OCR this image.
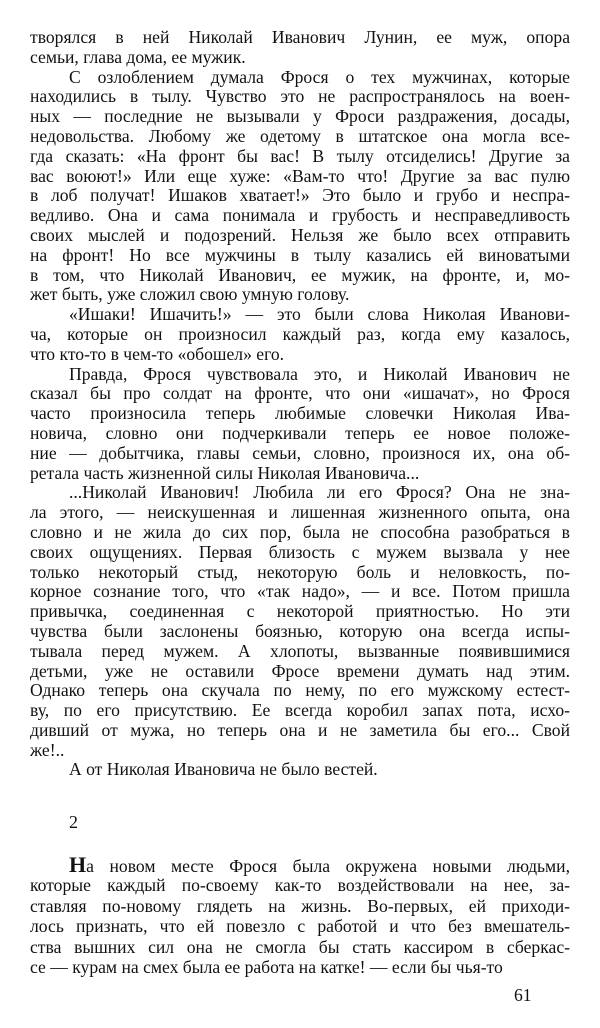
творялся в ней Николай Иванович Лунин, ее муж, опора
семьи, глава дома, ее мужик.
С озлоблением думала Фрося о тех мужчинах, которые
находились в тылу. Чувство это не распространялось на воен-
ных — последние не вызывали у Фроси раздражения, досады,
недовольства. Любому же одетому в штатское она могла все-
гда сказать: «На фронт бы вас! В тылу отсиделись! Другие за
вас воюют!» Или еще хуже: «Вам-то что! Другие за вас пулю
в лоб получат! Ишаков хватает!» Это было и грубо и неспра-
ведливо. Она и сама понимала и грубость и несправедливость
своих мыслей и подозрений. Нельзя же было всех отправить
на фронт! Но все мужчины в тылу казались ей виноватыми
в том, что Николай Иванович, ее мужик, на фронте, и, мо-
жет быть, уже сложил свою умную голову.
«Ишаки! Ишачить!» — это были слова Николая Иванови-
ча, которые он произносил каждый раз, когда ему казалось,
что кто-то в чем-то «обошел» его.
Правда, Фрося чувствовала это, и Николай Иванович не
сказал бы про солдат на фронте, что они «ишачат», но Фрося
часто произносила теперь любимые словечки Николая Ива-
новича, словно они подчеркивали теперь ее новое положе-
ние — добытчика, главы семьи, словно, произнося их, она об-
ретала часть жизненной силы Николая Ивановича...
...Николай Иванович! Любила ли его Фрося? Она не зна-
ла этого, — неискушенная и лишенная жизненного опыта, она
словно и не жила до сих пор, была не способна разобраться в
своих ощущениях. Первая близость с мужем вызвала у нее
только некоторый стыд, некоторую боль и неловкость, по-
корное сознание того, что «так надо», — и все. Потом пришла
привычка, соединенная с некоторой приятностью. Но эти
чувства были заслонены боязнью, которую она всегда испы-
тывала перед мужем. А хлопоты, вызванные появившимися
детьми, уже не оставили Фросе времени думать над этим.
Однако теперь она скучала по нему, по его мужскому естест-
ву, по его присутствию. Ее всегда коробил запах пота, исхо-
дивший от мужа, но теперь она и не заметила бы его... Свой
же!..
А от Николая Ивановича не было вестей.
2
На новом месте Фрося была окружена новыми людьми,
которые каждый по-своему как-то воздействовали на нее, за-
ставляя по-новому глядеть на жизнь. Во-первых, ей приходи-
лось признать, что ей повезло с работой и что без вмешатель-
ства вышних сил она не смогла бы стать кассиром в сберкас-
се — курам на смех была ее работа на катке! — если бы чья-то
61
